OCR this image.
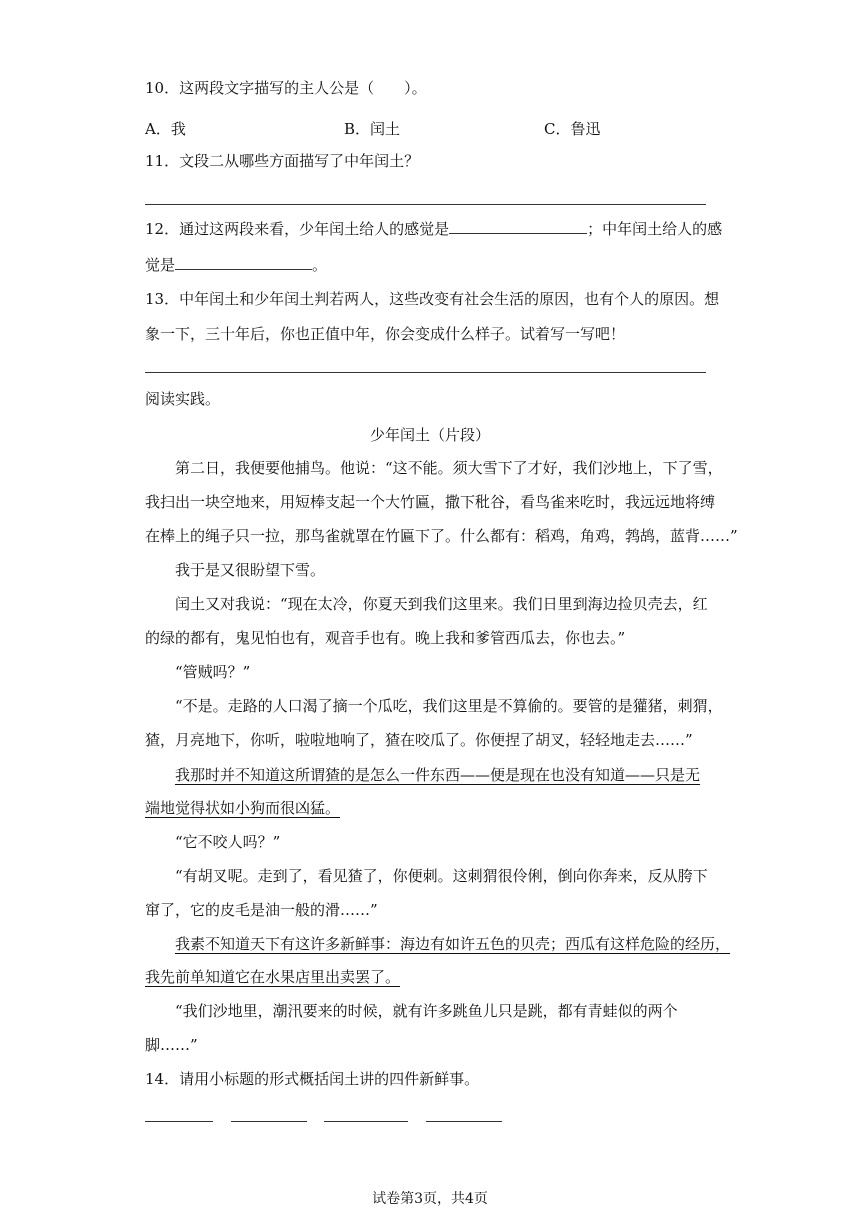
10．这两段文字描写的主人公是（　　）。
A．我	B．闰土	C．鲁迅
11．文段二从哪些方面描写了中年闰土？
12．通过这两段来看，少年闰土给人的感觉是	；中年闰土给人的感
觉是	。
13．中年闰土和少年闰土判若两人，这些改变有社会生活的原因，也有个人的原因。想
象一下，三十年后，你也正值中年，你会变成什么样子。试着写一写吧！
阅读实践。
少年闰土（片段）
第二日，我便要他捕鸟。他说：“这不能。须大雪下了才好，我们沙地上，下了雪，
我扫出一块空地来，用短棒支起一个大竹匾，撒下秕谷，看鸟雀来吃时，我远远地将缚
在棒上的绳子只一拉，那鸟雀就罩在竹匾下了。什么都有：稻鸡，角鸡，鹁鸪，蓝背……”
我于是又很盼望下雪。
闰土又对我说：“现在太冷，你夏天到我们这里来。我们日里到海边捡贝壳去，红
的绿的都有，鬼见怕也有，观音手也有。晚上我和爹管西瓜去，你也去。”
“管贼吗？”
“不是。走路的人口渴了摘一个瓜吃，我们这里是不算偷的。要管的是獾猪，刺猬，
猹，月亮地下，你听，啦啦地响了，猹在咬瓜了。你便捏了胡叉，轻轻地走去……”
我那时并不知道这所谓猹的是怎么一件东西——便是现在也没有知道——只是无
端地觉得状如小狗而很凶猛。
“它不咬人吗？”
“有胡叉呢。走到了，看见猹了，你便刺。这刺猬很伶俐，倒向你奔来，反从胯下
窜了，它的皮毛是油一般的滑……”
我素不知道天下有这许多新鲜事：海边有如许五色的贝壳；西瓜有这样危险的经历，
我先前单知道它在水果店里出卖罢了。
“我们沙地里，潮汛要来的时候，就有许多跳鱼儿只是跳，都有青蛙似的两个
脚……”
14．请用小标题的形式概括闰土讲的四件新鲜事。
试卷第3页，共4页
